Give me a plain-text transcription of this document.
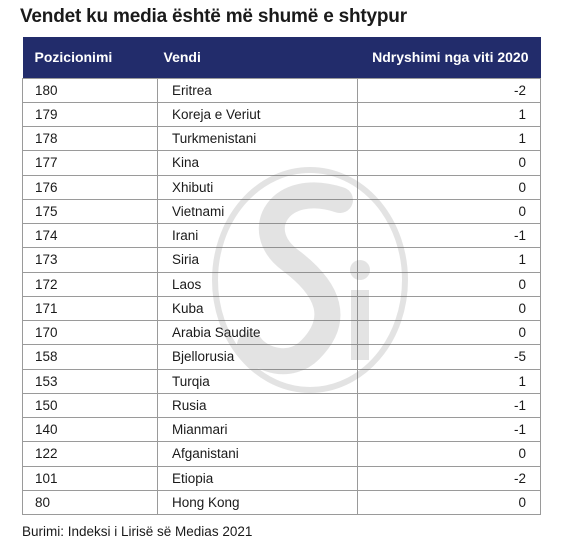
Vendet ku media është më shumë e shtypur
Pozicionimi	Vendi	Ndryshimi nga viti 2020
180	Eritrea	-2
179	Koreja e Veriut	1
178	Turkmenistani	1
177	Kina	0
176	Xhibuti	0
175	Vietnami	0
174	Irani	-1
173	Siria	1
172	Laos	0
171	Kuba	0
170	Arabia Saudite	0
158	Bjellorusia	-5
153	Turqia	1
150	Rusia	-1
140	Mianmari	-1
122	Afganistani	0
101	Etiopia	-2
80	Hong Kong	0
Burimi: Indeksi i Lirisë së Medias 2021
